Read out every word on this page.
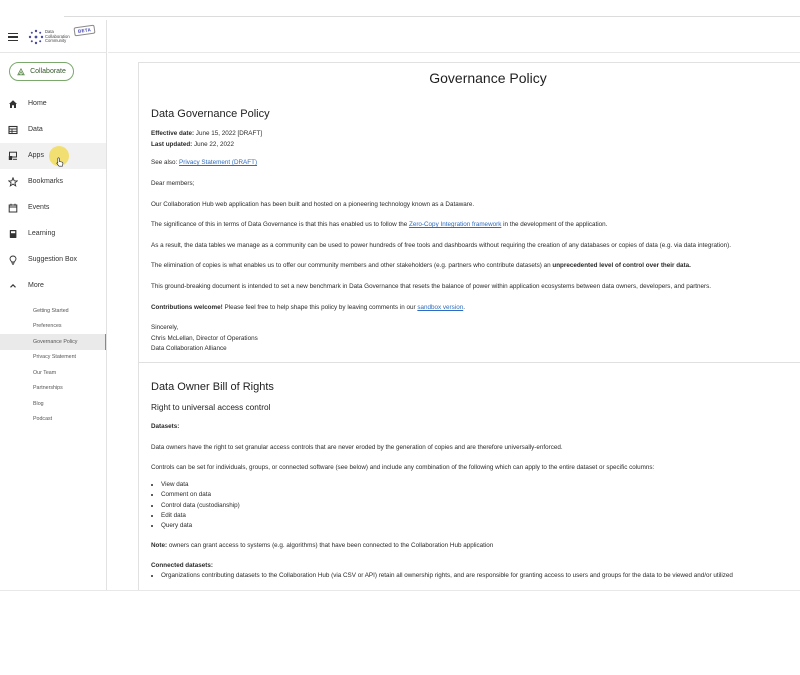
Data
Collaboration
Community
BETA
Collaborate
Home
Data
Apps
Bookmarks
Events
Learning
Suggestion Box
More
Getting Started
Preferences
Governance Policy
Privacy Statement
Our Team
Partnerships
Blog
Podcast
Governance Policy
Data Governance Policy

Effective date: June 15, 2022 [DRAFT]

Last updated: June 22, 2022

See also: Privacy Statement (DRAFT)

Dear members;

Our Collaboration Hub web application has been built and hosted on a pioneering technology known as a Dataware.

The significance of this in terms of Data Governance is that this has enabled us to follow the Zero-Copy Integration framework in the development of the application.

As a result, the data tables we manage as a community can be used to power hundreds of free tools and dashboards without requiring the creation of any databases or copies of data (e.g. via data integration).

The elimination of copies is what enables us to offer our community members and other stakeholders (e.g. partners who contribute datasets) an unprecedented level of control over their data.

This ground-breaking document is intended to set a new benchmark in Data Governance that resets the balance of power within application ecosystems between data owners, developers, and partners.

Contributions welcome! Please feel free to help shape this policy by leaving comments in our sandbox version.

Sincerely,

Chris McLellan, Director of Operations

Data Collaboration Alliance

Data Owner Bill of Rights
Right to universal access control

Datasets:

Data owners have the right to set granular access controls that are never eroded by the generation of copies and are therefore universally-enforced.

Controls can be set for individuals, groups, or connected software (see below) and include any combination of the following which can apply to the entire dataset or specific columns:

• View data
• Comment on data
• Control data (custodianship)
• Edit data
• Query data

Note: owners can grant access to systems (e.g. algorithms) that have been connected to the Collaboration Hub application

Connected datasets:

• Organizations contributing datasets to the Collaboration Hub (via CSV or API) retain all ownership rights, and are responsible for granting access to users and groups for the data to be viewed and/or utilized
